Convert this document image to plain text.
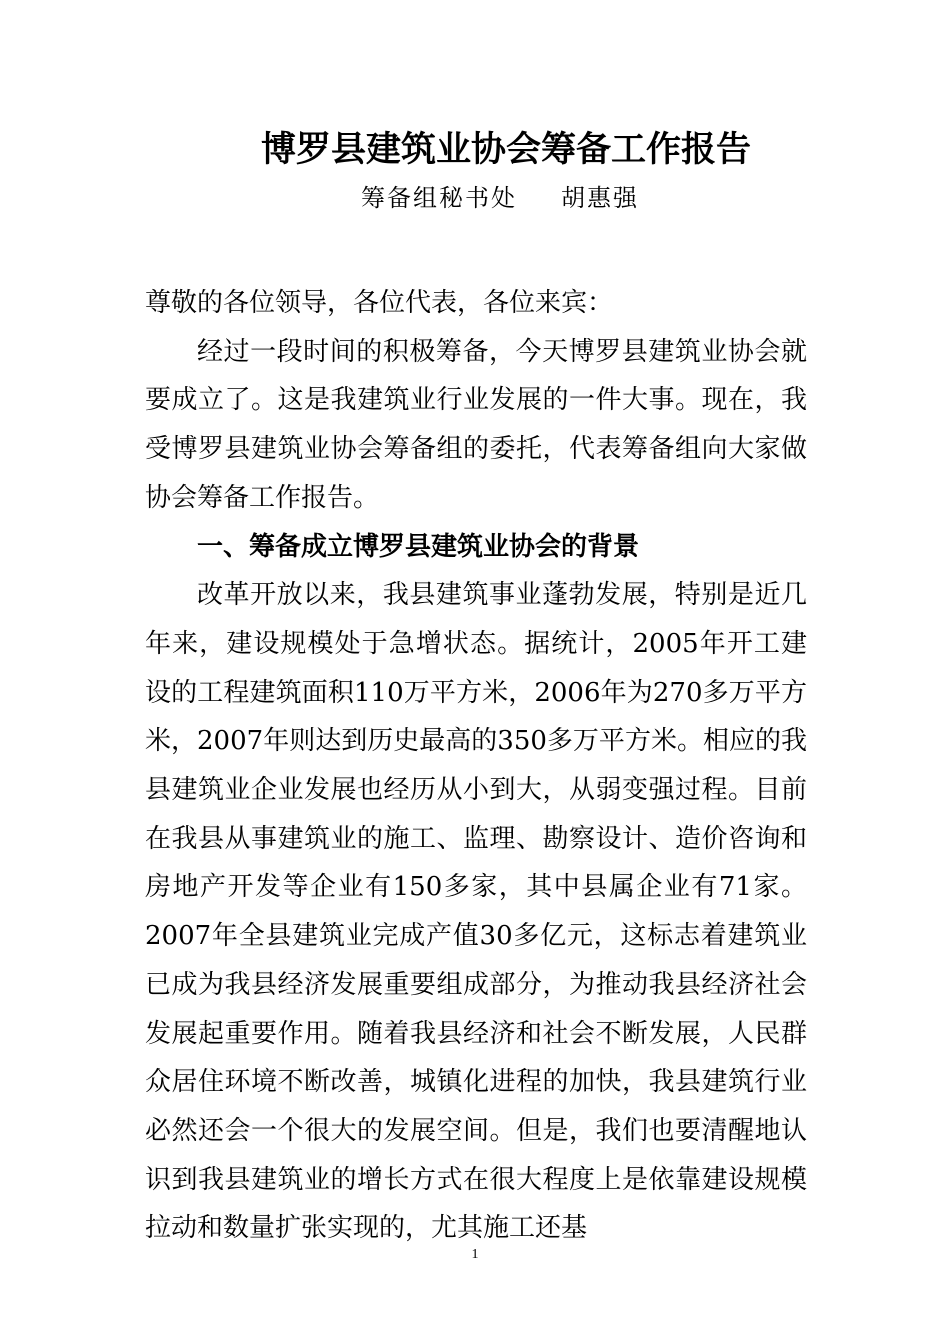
博罗县建筑业协会筹备工作报告
筹备组秘书处 胡惠强

尊敬的各位领导，各位代表，各位来宾：

经过一段时间的积极筹备，今天博罗县建筑业协会就要成立了。这是我建筑业行业发展的一件大事。现在，我受博罗县建筑业协会筹备组的委托，代表筹备组向大家做协会筹备工作报告。

一、筹备成立博罗县建筑业协会的背景

改革开放以来，我县建筑事业蓬勃发展，特别是近几年来，建设规模处于急增状态。据统计，2005年开工建设的工程建筑面积110万平方米，2006年为270多万平方米，2007年则达到历史最高的350多万平方米。相应的我县建筑业企业发展也经历从小到大，从弱变强过程。目前在我县从事建筑业的施工、监理、勘察设计、造价咨询和房地产开发等企业有150多家，其中县属企业有71家。2007年全县建筑业完成产值30多亿元，这标志着建筑业已成为我县经济发展重要组成部分，为推动我县经济社会发展起重要作用。随着我县经济和社会不断发展，人民群众居住环境不断改善，城镇化进程的加快，我县建筑行业必然还会一个很大的发展空间。但是，我们也要清醒地认识到我县建筑业的增长方式在很大程度上是依靠建设规模拉动和数量扩张实现的，尤其施工还基

1
